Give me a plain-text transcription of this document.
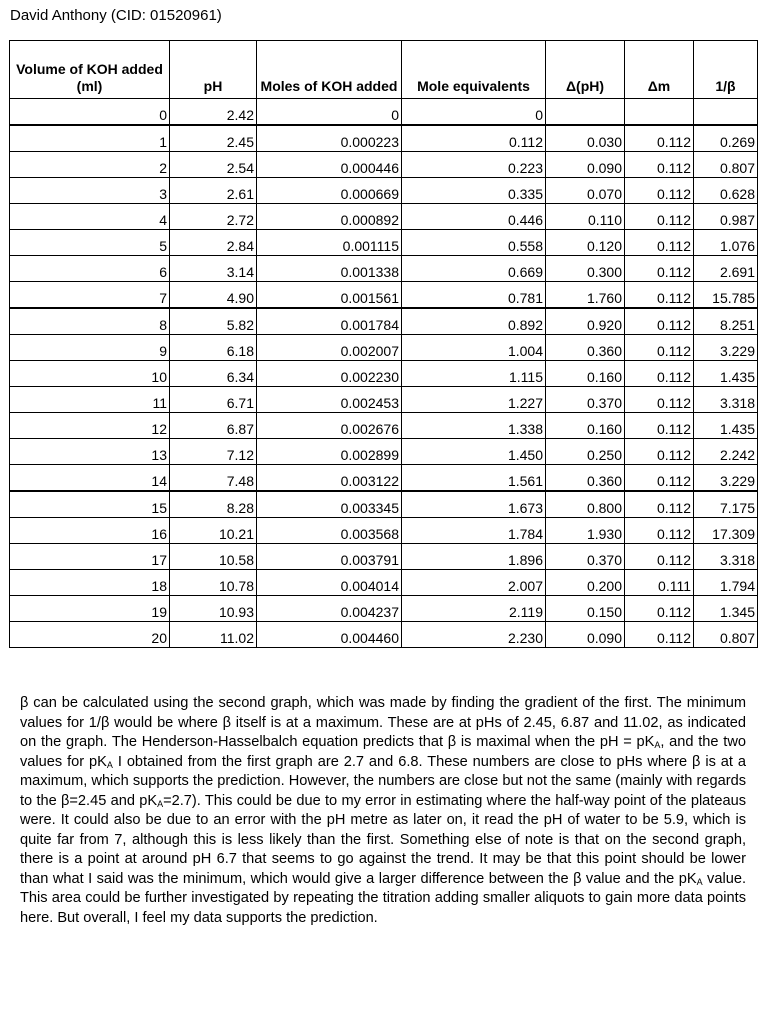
David Anthony (CID: 01520961)
Volume of KOH added (ml)	pH	Moles of KOH added	Mole equivalents	Δ(pH)	Δm	1/β
0	2.42	0	0			
1	2.45	0.000223	0.112	0.030	0.112	0.269
2	2.54	0.000446	0.223	0.090	0.112	0.807
3	2.61	0.000669	0.335	0.070	0.112	0.628
4	2.72	0.000892	0.446	0.110	0.112	0.987
5	2.84	0.001115	0.558	0.120	0.112	1.076
6	3.14	0.001338	0.669	0.300	0.112	2.691
7	4.90	0.001561	0.781	1.760	0.112	15.785
8	5.82	0.001784	0.892	0.920	0.112	8.251
9	6.18	0.002007	1.004	0.360	0.112	3.229
10	6.34	0.002230	1.115	0.160	0.112	1.435
11	6.71	0.002453	1.227	0.370	0.112	3.318
12	6.87	0.002676	1.338	0.160	0.112	1.435
13	7.12	0.002899	1.450	0.250	0.112	2.242
14	7.48	0.003122	1.561	0.360	0.112	3.229
15	8.28	0.003345	1.673	0.800	0.112	7.175
16	10.21	0.003568	1.784	1.930	0.112	17.309
17	10.58	0.003791	1.896	0.370	0.112	3.318
18	10.78	0.004014	2.007	0.200	0.111	1.794
19	10.93	0.004237	2.119	0.150	0.112	1.345
20	11.02	0.004460	2.230	0.090	0.112	0.807
β can be calculated using the second graph, which was made by finding the gradient of the first. The minimum values for 1/β would be where β itself is at a maximum. These are at pHs of 2.45, 6.87 and 11.02, as indicated on the graph. The Henderson-Hasselbalch equation predicts that β is maximal when the pH = $pK_A$, and the two values for $pK_A$ I obtained from the first graph are 2.7 and 6.8. These numbers are close to pHs where β is at a maximum, which supports the prediction. However, the numbers are close but not the same (mainly with regards to the β=2.45 and $pK_A=2.7$). This could be due to my error in estimating where the half-way point of the plateaus were. It could also be due to an error with the pH metre as later on, it read the pH of water to be 5.9, which is quite far from 7, although this is less likely than the first. Something else of note is that on the second graph, there is a point at around pH 6.7 that seems to go against the trend. It may be that this point should be lower than what I said was the minimum, which would give a larger difference between the β value and the $pK_A$ value. This area could be further investigated by repeating the titration adding smaller aliquots to gain more data points here. But overall, I feel my data supports the prediction.
